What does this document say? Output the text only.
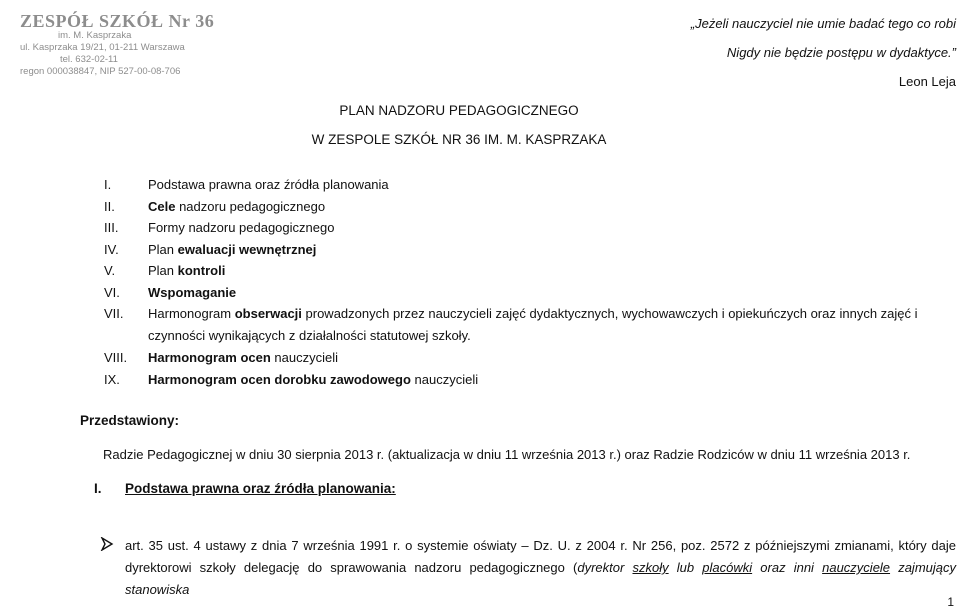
ZESPÓŁ SZKÓŁ Nr 36
im. M. Kasprzaka
ul. Kasprzaka 19/21, 01-211 Warszawa
tel. 632-02-11
regon 000038847, NIP 527-00-08-706
„Jeżeli nauczyciel nie umie badać tego co robi
Nigdy nie będzie postępu w dydaktyce.”
Leon Leja
PLAN NADZORU PEDAGOGICZNEGO
W ZESPOLE SZKÓŁ NR 36 IM. M. KASPRZAKA
I.	Podstawa prawna oraz źródła planowania
II.	Cele nadzoru pedagogicznego
III.	Formy nadzoru pedagogicznego
IV.	Plan ewaluacji wewnętrznej
V.	Plan kontroli
VI.	Wspomaganie
VII.	Harmonogram obserwacji prowadzonych przez nauczycieli zajęć dydaktycznych, wychowawczych i opiekuńczych oraz innych zajęć i czynności wynikających z działalności statutowej szkoły.
VIII.	Harmonogram ocen nauczycieli
IX.	Harmonogram ocen dorobku zawodowego nauczycieli
Przedstawiony:
Radzie Pedagogicznej w dniu 30 sierpnia 2013 r. (aktualizacja w dniu 11 września 2013 r.) oraz Radzie Rodziców w dniu 11 września 2013 r.
I. Podstawa prawna oraz źródła planowania:
art. 35 ust. 4 ustawy z dnia 7 września 1991 r. o systemie oświaty – Dz. U. z 2004 r. Nr 256, poz. 2572 z późniejszymi zmianami, który daje
dyrektorowi szkoły delegację do sprawowania nadzoru pedagogicznego (dyrektor szkoły lub placówki oraz inni nauczyciele zajmujący stanowiska
1
